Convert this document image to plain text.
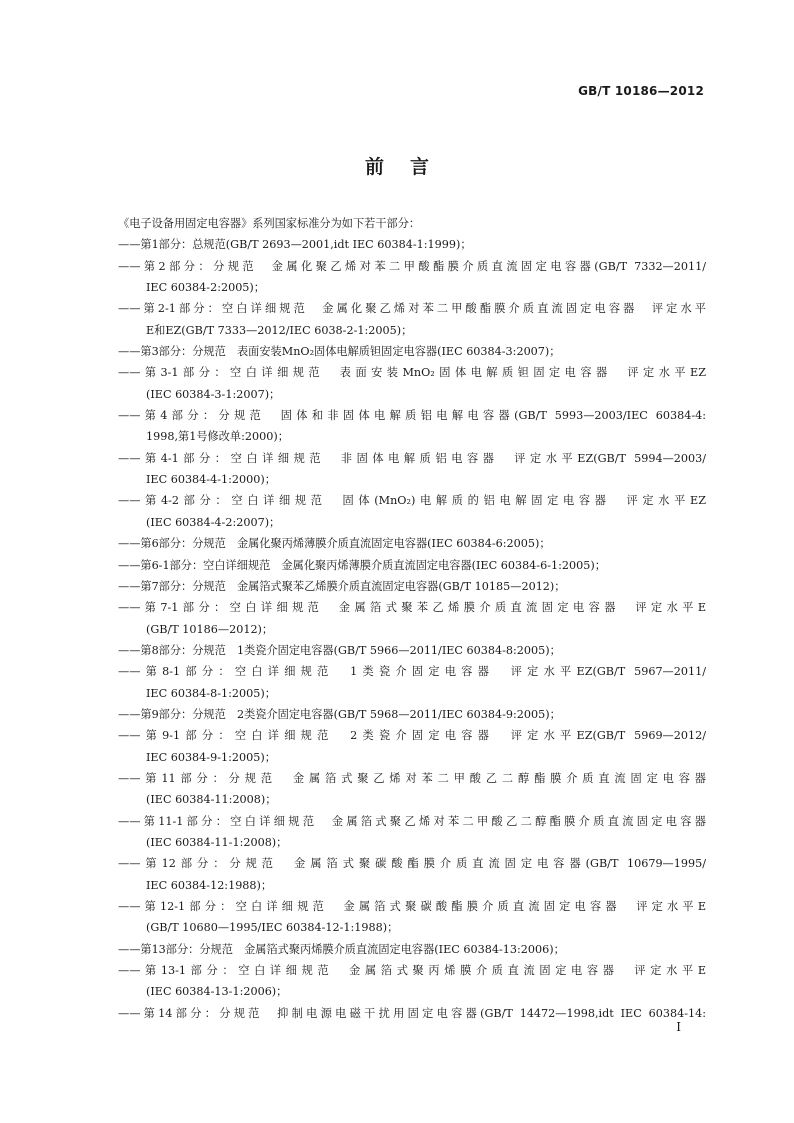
GB/T 10186—2012
前言
《电子设备用固定电容器》系列国家标准分为如下若干部分：
——第1部分：总规范(GB/T 2693—2001,idt IEC 60384-1:1999)；
——第2部分：分规范　金属化聚乙烯对苯二甲酸酯膜介质直流固定电容器(GB/T 7332—2011/
IEC 60384-2:2005)；
——第2-1部分：空白详细规范　金属化聚乙烯对苯二甲酸酯膜介质直流固定电容器　评定水平
E和EZ(GB/T 7333—2012/IEC 6038-2-1:2005)；
——第3部分：分规范　表面安装MnO₂固体电解质钽固定电容器(IEC 60384-3:2007)；
——第3-1部分：空白详细规范　表面安装MnO₂固体电解质钽固定电容器　评定水平EZ
(IEC 60384-3-1:2007)；
——第4部分：分规范　固体和非固体电解质铝电解电容器(GB/T 5993—2003/IEC 60384-4:
1998,第1号修改单:2000)；
——第4-1部分：空白详细规范　非固体电解质铝电容器　评定水平EZ(GB/T 5994—2003/
IEC 60384-4-1:2000)；
——第4-2部分：空白详细规范　固体(MnO₂)电解质的铝电解固定电容器　评定水平EZ
(IEC 60384-4-2:2007)；
——第6部分：分规范　金属化聚丙烯薄膜介质直流固定电容器(IEC 60384-6:2005)；
——第6-1部分：空白详细规范　金属化聚丙烯薄膜介质直流固定电容器(IEC 60384-6-1:2005)；
——第7部分：分规范　金属箔式聚苯乙烯膜介质直流固定电容器(GB/T 10185—2012)；
——第7-1部分：空白详细规范　金属箔式聚苯乙烯膜介质直流固定电容器　评定水平E
(GB/T 10186—2012)；
——第8部分：分规范　1类瓷介固定电容器(GB/T 5966—2011/IEC 60384-8:2005)；
——第8-1部分：空白详细规范　1类瓷介固定电容器　评定水平EZ(GB/T 5967—2011/
IEC 60384-8-1:2005)；
——第9部分：分规范　2类瓷介固定电容器(GB/T 5968—2011/IEC 60384-9:2005)；
——第9-1部分：空白详细规范　2类瓷介固定电容器　评定水平EZ(GB/T 5969—2012/
IEC 60384-9-1:2005)；
——第11部分：分规范　金属箔式聚乙烯对苯二甲酸乙二醇酯膜介质直流固定电容器
(IEC 60384-11:2008)；
——第11-1部分：空白详细规范　金属箔式聚乙烯对苯二甲酸乙二醇酯膜介质直流固定电容器
(IEC 60384-11-1:2008)；
——第12部分：分规范　金属箔式聚碳酸酯膜介质直流固定电容器(GB/T 10679—1995/
IEC 60384-12:1988)；
——第12-1部分：空白详细规范　金属箔式聚碳酸酯膜介质直流固定电容器　评定水平E
(GB/T 10680—1995/IEC 60384-12-1:1988)；
——第13部分：分规范　金属箔式聚丙烯膜介质直流固定电容器(IEC 60384-13:2006)；
——第13-1部分：空白详细规范　金属箔式聚丙烯膜介质直流固定电容器　评定水平E
(IEC 60384-13-1:2006)；
——第14部分：分规范　抑制电源电磁干扰用固定电容器(GB/T 14472—1998,idt IEC 60384-14:
I
